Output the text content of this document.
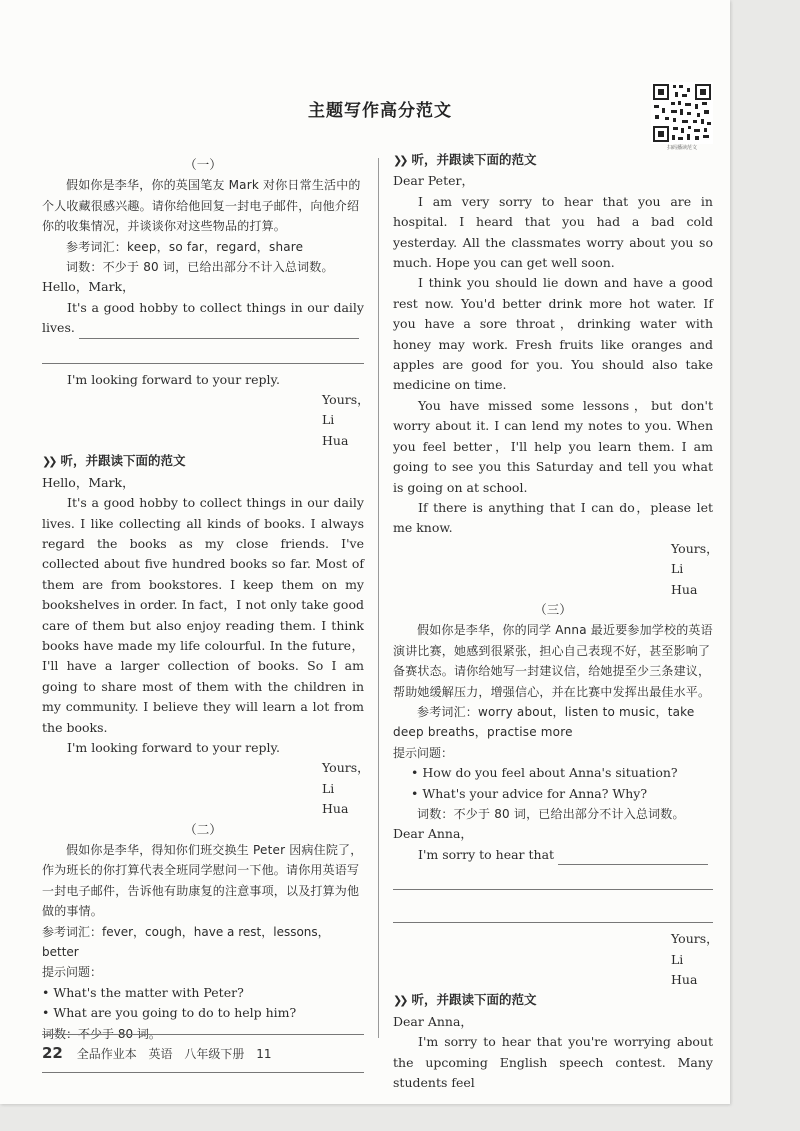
主题写作高分范文
扫码播读范文

（一）

假如你是李华，你的英国笔友 Mark 对你日常生活中的个人收藏很感兴趣。请你给他回复一封电子邮件，向他介绍你的收集情况，并谈谈你对这些物品的打算。

参考词汇：keep，so far，regard，share

词数：不少于 80 词，已给出部分不计入总词数。

Hello，Mark，

It's a good hobby to collect things in our daily lives.

I'm looking forward to your reply.

Yours，

Li Hua

❯❯ 听，并跟读下面的范文

Hello，Mark，

It's a good hobby to collect things in our daily lives. I like collecting all kinds of books. I always regard the books as my close friends. I've collected about five hundred books so far. Most of them are from bookstores. I keep them on my bookshelves in order. In fact，I not only take good care of them but also enjoy reading them. I think books have made my life colourful. In the future，I'll have a larger collection of books. So I am going to share most of them with the children in my community. I believe they will learn a lot from the books.

I'm looking forward to your reply.

Yours，

Li Hua

（二）

假如你是李华，得知你们班交换生 Peter 因病住院了，作为班长的你打算代表全班同学慰问一下他。请你用英语写一封电子邮件，告诉他有助康复的注意事项，以及打算为他做的事情。

参考词汇：fever，cough，have a rest，lessons，better

提示问题：

• What's the matter with Peter?

• What are you going to do to help him?

词数：不少于 80 词。

22 全品作业本 英语 八年级下册 11

❯❯ 听，并跟读下面的范文

Dear Peter，

I am very sorry to hear that you are in hospital. I heard that you had a bad cold yesterday. All the classmates worry about you so much. Hope you can get well soon.

I think you should lie down and have a good rest now. You'd better drink more hot water. If you have a sore throat，drinking water with honey may work. Fresh fruits like oranges and apples are good for you. You should also take medicine on time.

You have missed some lessons，but don't worry about it. I can lend my notes to you. When you feel better，I'll help you learn them. I am going to see you this Saturday and tell you what is going on at school.

If there is anything that I can do，please let me know.

Yours，

Li Hua

（三）

假如你是李华，你的同学 Anna 最近要参加学校的英语演讲比赛，她感到很紧张，担心自己表现不好，甚至影响了备赛状态。请你给她写一封建议信，给她提至少三条建议，帮助她缓解压力，增强信心，并在比赛中发挥出最佳水平。

参考词汇：worry about，listen to music，take deep breaths，practise more

提示问题：

• How do you feel about Anna's situation?

• What's your advice for Anna? Why?

词数：不少于 80 词，已给出部分不计入总词数。

Dear Anna，

I'm sorry to hear that

Yours，

Li Hua

❯❯ 听，并跟读下面的范文

Dear Anna，

I'm sorry to hear that you're worrying about the upcoming English speech contest. Many students feel
